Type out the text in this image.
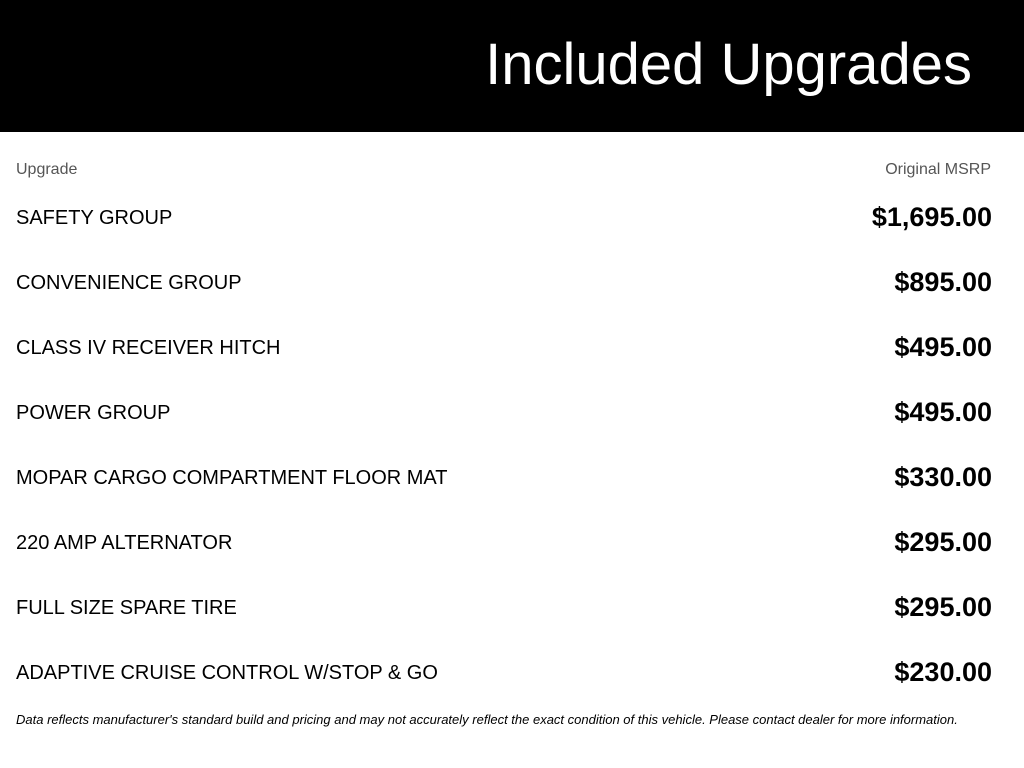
Included Upgrades
Upgrade	Original MSRP
SAFETY GROUP	$1,695.00
CONVENIENCE GROUP	$895.00
CLASS IV RECEIVER HITCH	$495.00
POWER GROUP	$495.00
MOPAR CARGO COMPARTMENT FLOOR MAT	$330.00
220 AMP ALTERNATOR	$295.00
FULL SIZE SPARE TIRE	$295.00
ADAPTIVE CRUISE CONTROL W/STOP & GO	$230.00
Data reflects manufacturer's standard build and pricing and may not accurately reflect the exact condition of this vehicle. Please contact dealer for more information.
